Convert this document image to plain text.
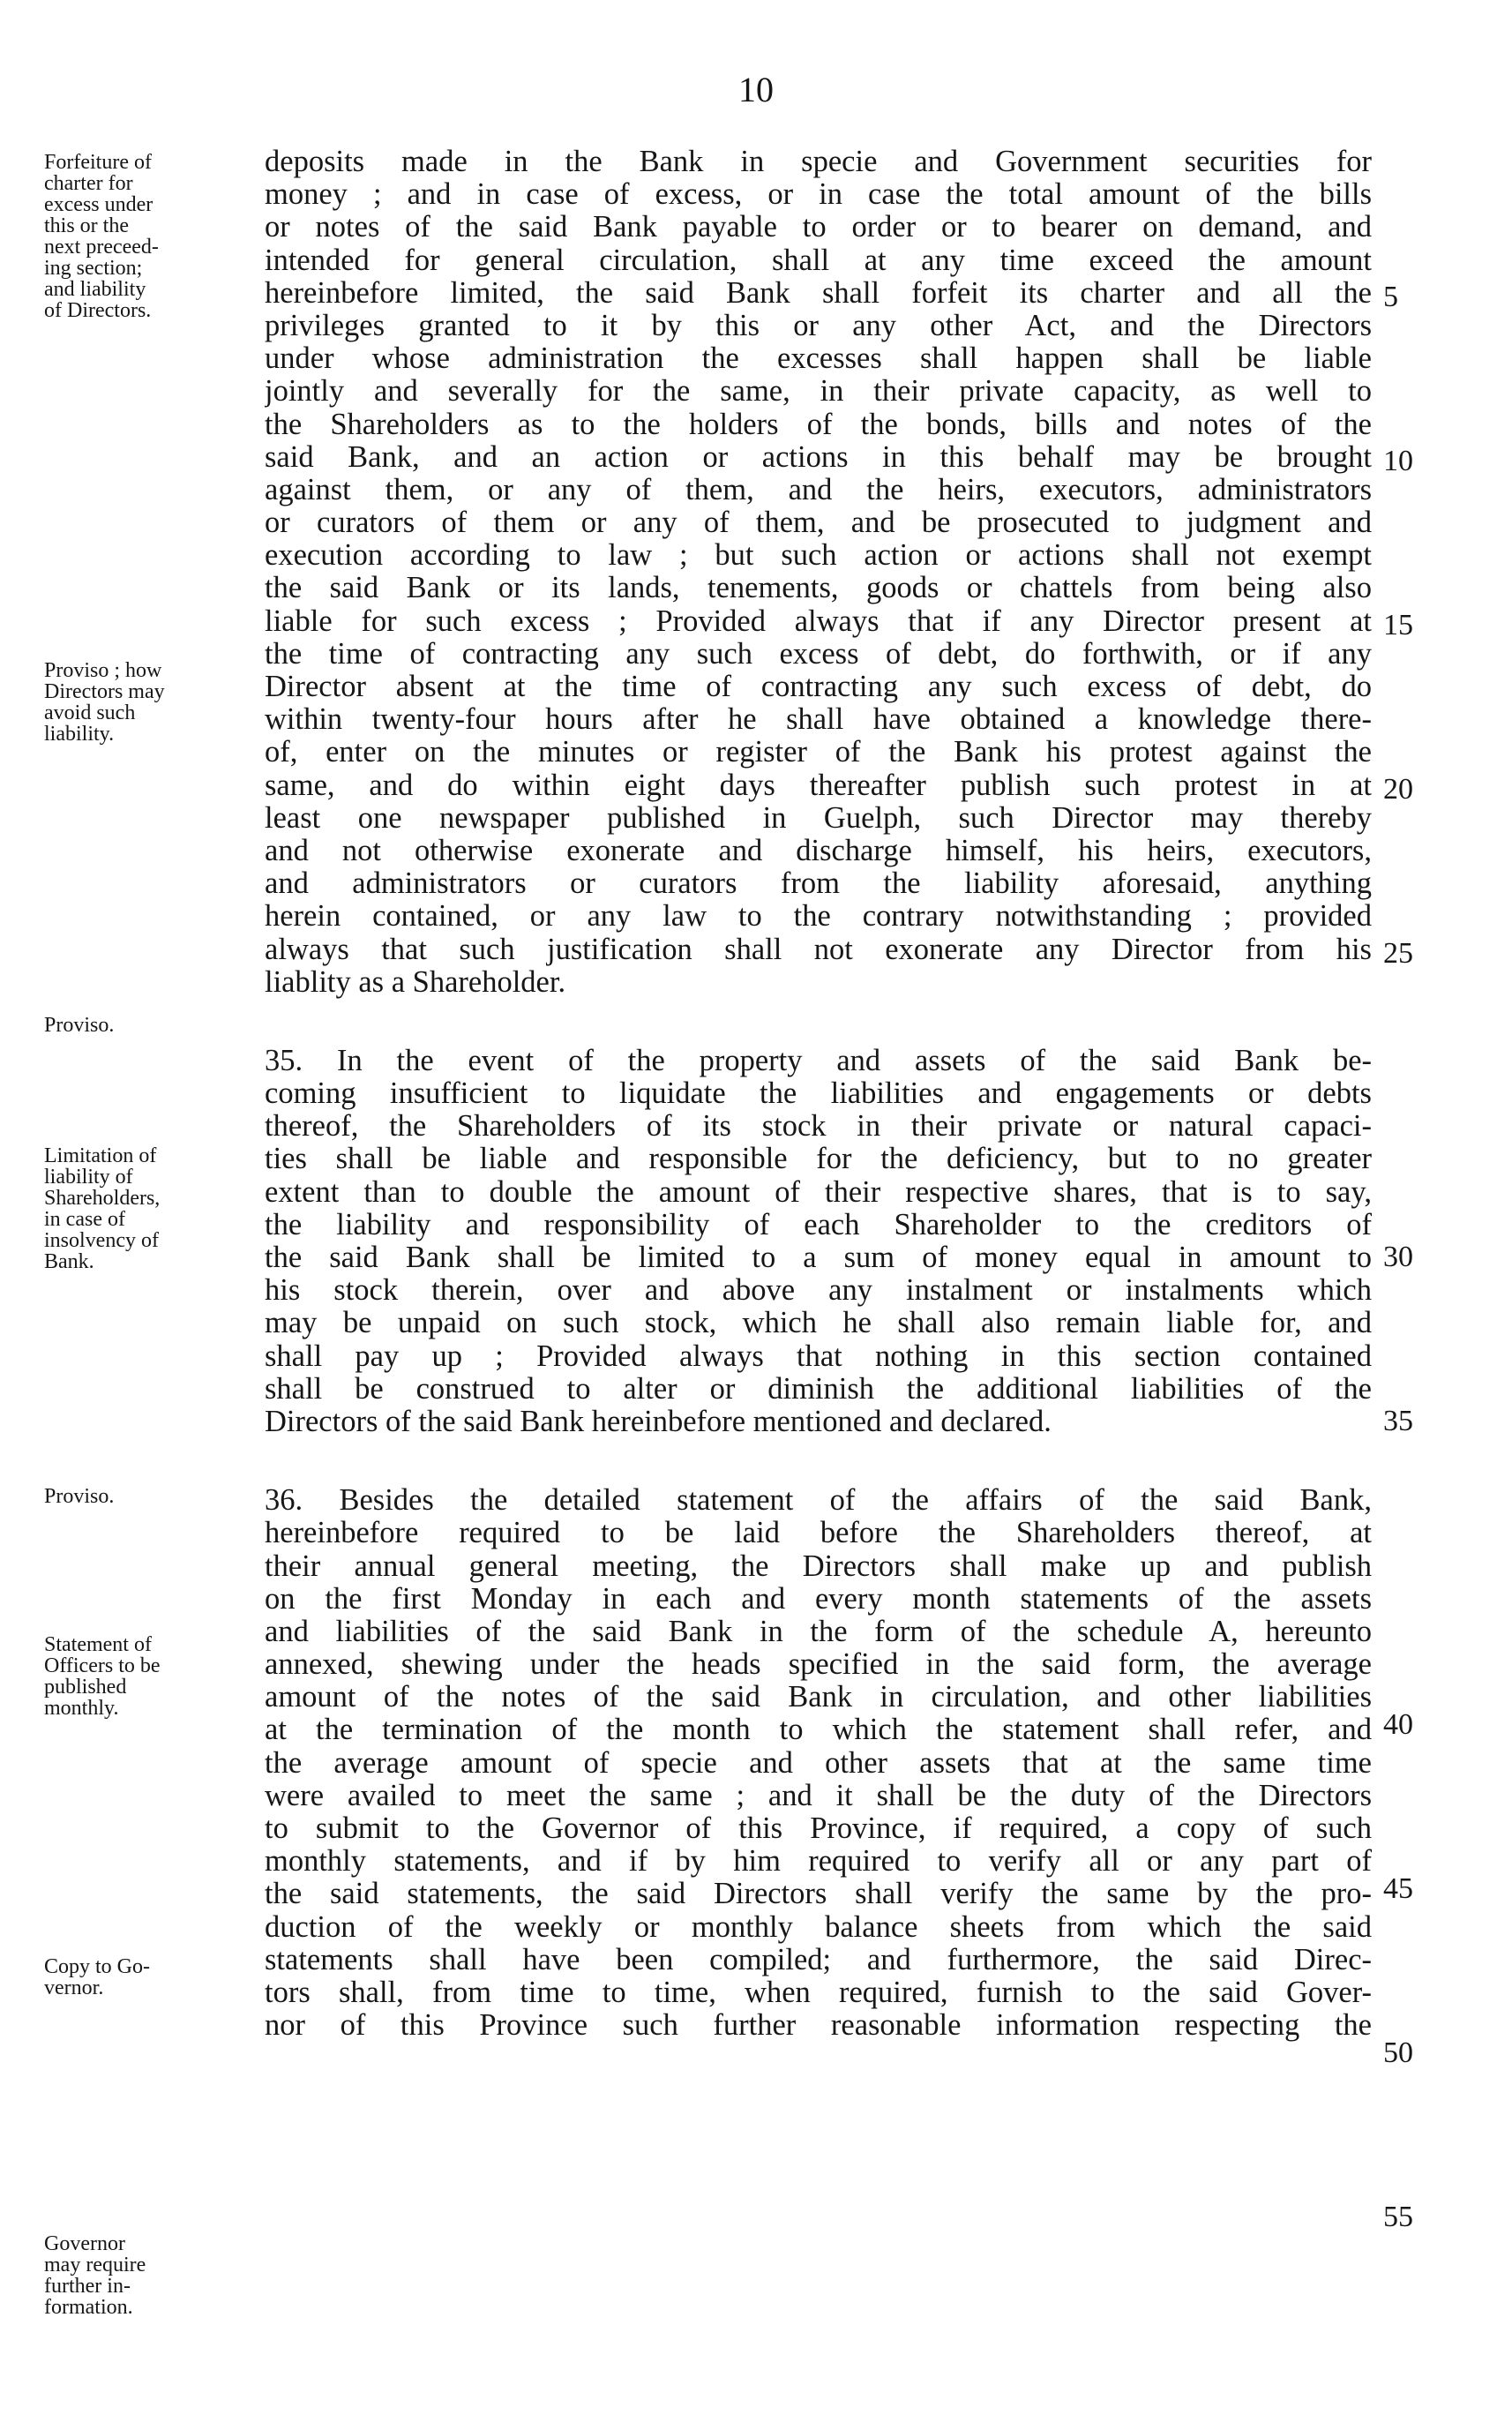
10
deposits made in the Bank in specie and Government securities for
money ; and in case of excess, or in case the total amount of the bills
or notes of the said Bank payable to order or to bearer on demand, and
intended for general circulation, shall at any time exceed the amount
hereinbefore limited, the said Bank shall forfeit its charter and all the
privileges granted to it by this or any other Act, and the Directors
under whose administration the excesses shall happen shall be liable
jointly and severally for the same, in their private capacity, as well to
the Shareholders as to the holders of the bonds, bills and notes of the
said Bank, and an action or actions in this behalf may be brought
against them, or any of them, and the heirs, executors, administrators
or curators of them or any of them, and be prosecuted to judgment and
execution according to law ; but such action or actions shall not exempt
the said Bank or its lands, tenements, goods or chattels from being also
liable for such excess ; Provided always that if any Director present at
the time of contracting any such excess of debt, do forthwith, or if any
Director absent at the time of contracting any such excess of debt, do
within twenty-four hours after he shall have obtained a knowledge there-
of, enter on the minutes or register of the Bank his protest against the
same, and do within eight days thereafter publish such protest in at
least one newspaper published in Guelph, such Director may thereby
and not otherwise exonerate and discharge himself, his heirs, executors,
and administrators or curators from the liability aforesaid, anything
herein contained, or any law to the contrary notwithstanding ; provided
always that such justification shall not exonerate any Director from his
liablity as a Shareholder.
35. In the event of the property and assets of the said Bank be-
coming insufficient to liquidate the liabilities and engagements or debts
thereof, the Shareholders of its stock in their private or natural capaci-
ties shall be liable and responsible for the deficiency, but to no greater
extent than to double the amount of their respective shares, that is to say,
the liability and responsibility of each Shareholder to the creditors of
the said Bank shall be limited to a sum of money equal in amount to
his stock therein, over and above any instalment or instalments which
may be unpaid on such stock, which he shall also remain liable for, and
shall pay up ; Provided always that nothing in this section contained
shall be construed to alter or diminish the additional liabilities of the
Directors of the said Bank hereinbefore mentioned and declared.
36. Besides the detailed statement of the affairs of the said Bank,
hereinbefore required to be laid before the Shareholders thereof, at
their annual general meeting, the Directors shall make up and publish
on the first Monday in each and every month statements of the assets
and liabilities of the said Bank in the form of the schedule A, hereunto
annexed, shewing under the heads specified in the said form, the average
amount of the notes of the said Bank in circulation, and other liabilities
at the termination of the month to which the statement shall refer, and
the average amount of specie and other assets that at the same time
were availed to meet the same ; and it shall be the duty of the Directors
to submit to the Governor of this Province, if required, a copy of such
monthly statements, and if by him required to verify all or any part of
the said statements, the said Directors shall verify the same by the pro-
duction of the weekly or monthly balance sheets from which the said
statements shall have been compiled; and furthermore, the said Direc-
tors shall, from time to time, when required, furnish to the said Gover-
nor of this Province such further reasonable information respecting the
Forfeiture of
charter for
excess under
this or the
next preceed-
ing section;
and liability
of Directors.
Proviso ; how
Directors may
avoid such
liability.
Proviso.
Limitation of
liability of
Shareholders,
in case of
insolvency of
Bank.
Proviso.
Statement of
Officers to be
published
monthly.
Copy to Go-
vernor.
Governor
may require
further in-
formation.
5
10
15
20
25
30
35
40
45
50
55
